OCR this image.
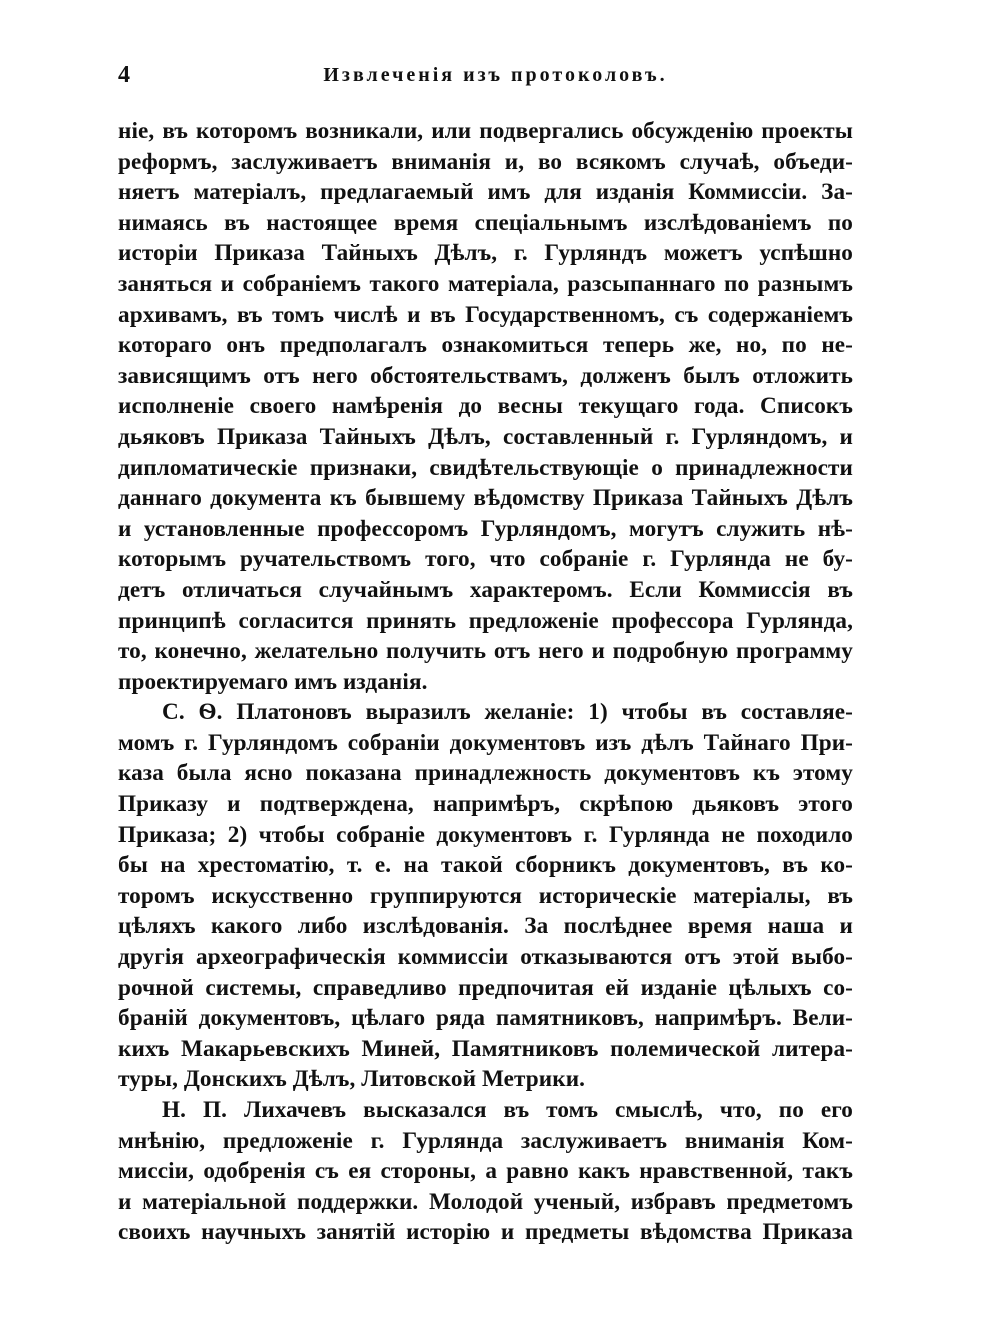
4	Извлеченія изъ протоколовъ.
ніе, въ которомъ возникали, или подвергались обсужденію проекты
реформъ, заслуживаетъ вниманія и, во всякомъ случаѣ, объеди-
няетъ матеріалъ, предлагаемый имъ для изданія Коммиссіи. За-
нимаясь въ настоящее время спеціальнымъ изслѣдованіемъ по
исторіи Приказа Тайныхъ Дѣлъ, г. Гурляндъ можетъ успѣшно
заняться и собраніемъ такого матеріала, разсыпаннаго по разнымъ
архивамъ, въ томъ числѣ и въ Государственномъ, съ содержаніемъ
котораго онъ предполагалъ ознакомиться теперь же, но, по не-
зависящимъ отъ него обстоятельствамъ, долженъ былъ отложить
исполненіе своего намѣренія до весны текущаго года. Списокъ
дьяковъ Приказа Тайныхъ Дѣлъ, составленный г. Гурляндомъ, и
дипломатическіе признаки, свидѣтельствующіе о принадлежности
даннаго документа къ бывшему вѣдомству Приказа Тайныхъ Дѣлъ
и установленные профессоромъ Гурляндомъ, могутъ служить нѣ-
которымъ ручательствомъ того, что собраніе г. Гурлянда не бу-
детъ отличаться случайнымъ характеромъ. Если Коммиссія въ
принципѣ согласится принять предложеніе профессора Гурлянда,
то, конечно, желательно получить отъ него и подробную программу
проектируемаго имъ изданія.
С. Ѳ. Платоновъ выразилъ желаніе: 1) чтобы въ составляе-
момъ г. Гурляндомъ собраніи документовъ изъ дѣлъ Тайнаго При-
каза была ясно показана принадлежность документовъ къ этому
Приказу и подтверждена, напримѣръ, скрѣпою дьяковъ этого
Приказа; 2) чтобы собраніе документовъ г. Гурлянда не походило
бы на хрестоматію, т. е. на такой сборникъ документовъ, въ ко-
торомъ искусственно группируются историческіе матеріалы, въ
цѣляхъ какого либо изслѣдованія. За послѣднее время наша и
другія археографическія коммиссіи отказываются отъ этой выбо-
рочной системы, справедливо предпочитая ей изданіе цѣлыхъ со-
браній документовъ, цѣлаго ряда памятниковъ, напримѣръ. Вели-
кихъ Макарьевскихъ Миней, Памятниковъ полемической литера-
туры, Донскихъ Дѣлъ, Литовской Метрики.
Н. П. Лихачевъ высказался въ томъ смыслѣ, что, по его
мнѣнію, предложеніе г. Гурлянда заслуживаетъ вниманія Ком-
миссіи, одобренія съ ея стороны, а равно какъ нравственной, такъ
и матеріальной поддержки. Молодой ученый, избравъ предметомъ
своихъ научныхъ занятій исторію и предметы вѣдомства Приказа
